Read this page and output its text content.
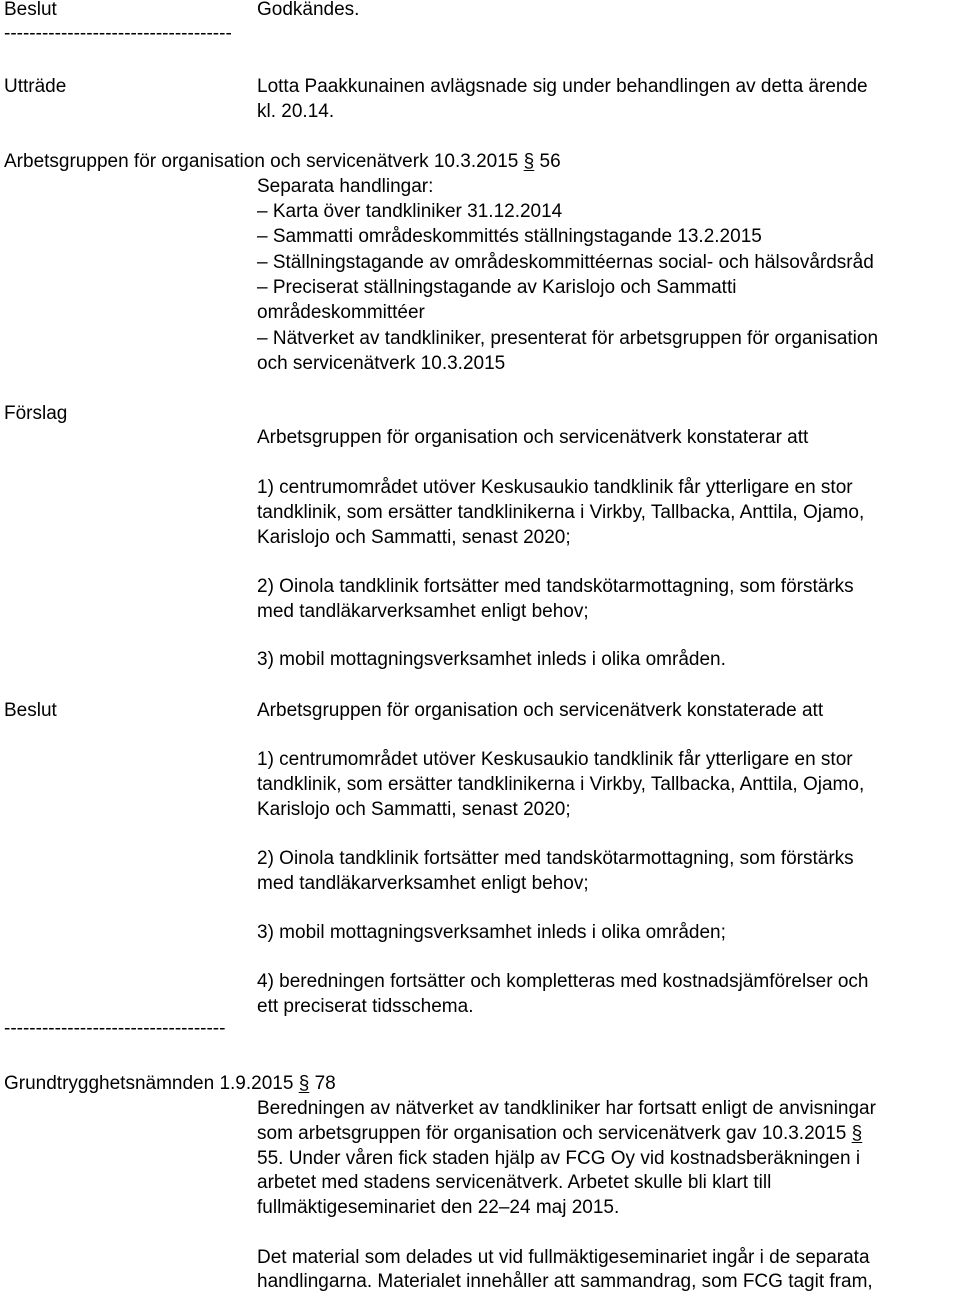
Beslut	Godkändes.

------------------------------------

Utträde	Lotta Paakkunainen avlägsnade sig under behandlingen av detta ärende

kl. 20.14.

Arbetsgruppen för organisation och servicenätverk 10.3.2015 § 56

Separata handlingar:

– Karta över tandkliniker 31.12.2014

– Sammatti områdeskommittés ställningstagande 13.2.2015

– Ställningstagande av områdeskommittéernas social- och hälsovårdsråd

– Preciserat ställningstagande av Karislojo och Sammatti

områdeskommittéer

– Nätverket av tandkliniker, presenterat för arbetsgruppen för organisation

och servicenätverk 10.3.2015

Förslag

Arbetsgruppen för organisation och servicenätverk konstaterar att

1) centrumområdet utöver Keskusaukio tandklinik får ytterligare en stor

tandklinik, som ersätter tandklinikerna i Virkby, Tallbacka, Anttila, Ojamo,

Karislojo och Sammatti, senast 2020;

2) Oinola tandklinik fortsätter med tandskötarmottagning, som förstärks

med tandläkarverksamhet enligt behov;

3) mobil mottagningsverksamhet inleds i olika områden.

Beslut	Arbetsgruppen för organisation och servicenätverk konstaterade att

1) centrumområdet utöver Keskusaukio tandklinik får ytterligare en stor

tandklinik, som ersätter tandklinikerna i Virkby, Tallbacka, Anttila, Ojamo,

Karislojo och Sammatti, senast 2020;

2) Oinola tandklinik fortsätter med tandskötarmottagning, som förstärks

med tandläkarverksamhet enligt behov;

3) mobil mottagningsverksamhet inleds i olika områden;

4) beredningen fortsätter och kompletteras med kostnadsjämförelser och

ett preciserat tidsschema.

-----------------------------------

Grundtrygghetsnämnden 1.9.2015 § 78

Beredningen av nätverket av tandkliniker har fortsatt enligt de anvisningar

som arbetsgruppen för organisation och servicenätverk gav 10.3.2015 §

55. Under våren fick staden hjälp av FCG Oy vid kostnadsberäkningen i

arbetet med stadens servicenätverk. Arbetet skulle bli klart till

fullmäktigeseminariet den 22–24 maj 2015.

Det material som delades ut vid fullmäktigeseminariet ingår i de separata

handlingarna. Materialet innehåller att sammandrag, som FCG tagit fram,
